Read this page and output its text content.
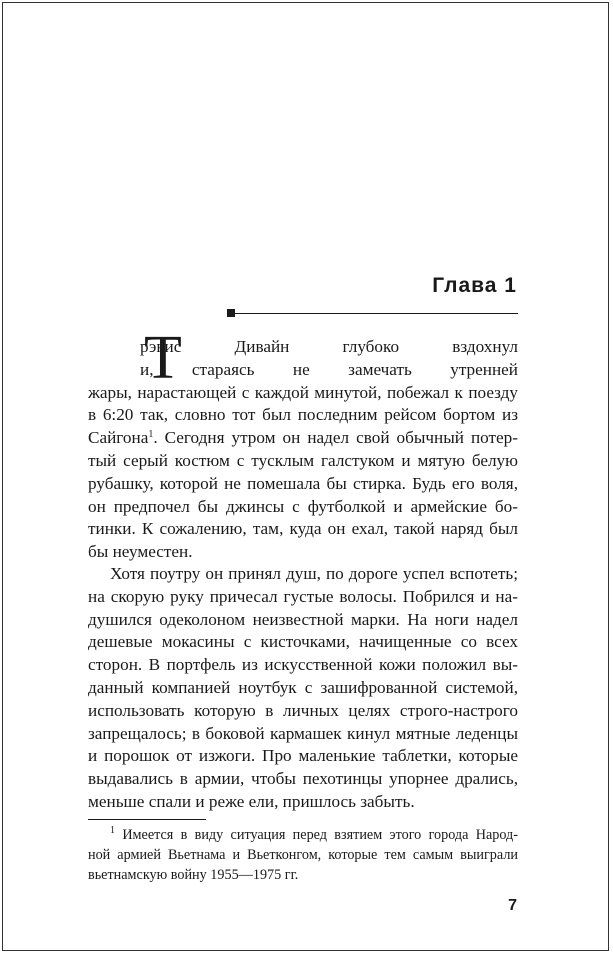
Глава 1
Т
рэвис Дивайн глубоко вздохнул
и, стараясь не замечать утренней
жары, нарастающей с каждой минутой, побежал к поезду
в 6:20 так, словно тот был последним рейсом бортом из
Сайгона$^1$. Сегодня утром он надел свой обычный потер-
тый серый костюм с тусклым галстуком и мятую белую
рубашку, которой не помешала бы стирка. Будь его воля,
он предпочел бы джинсы с футболкой и армейские бо-
тинки. К сожалению, там, куда он ехал, такой наряд был
бы неуместен.
Хотя поутру он принял душ, по дороге успел вспотеть;
на скорую руку причесал густые волосы. Побрился и на-
душился одеколоном неизвестной марки. На ноги надел
дешевые мокасины с кисточками, начищенные со всех
сторон. В портфель из искусственной кожи положил вы-
данный компанией ноутбук с зашифрованной системой,
использовать которую в личных целях строго-настрого
запрещалось; в боковой кармашек кинул мятные леденцы
и порошок от изжоги. Про маленькие таблетки, которые
выдавались в армии, чтобы пехотинцы упорнее дрались,
меньше спали и реже ели, пришлось забыть.
$^1$ Имеется в виду ситуация перед взятием этого города Народ-
ной армией Вьетнама и Вьетконгом, которые тем самым выиграли
вьетнамскую войну 1955—1975 гг.
7
